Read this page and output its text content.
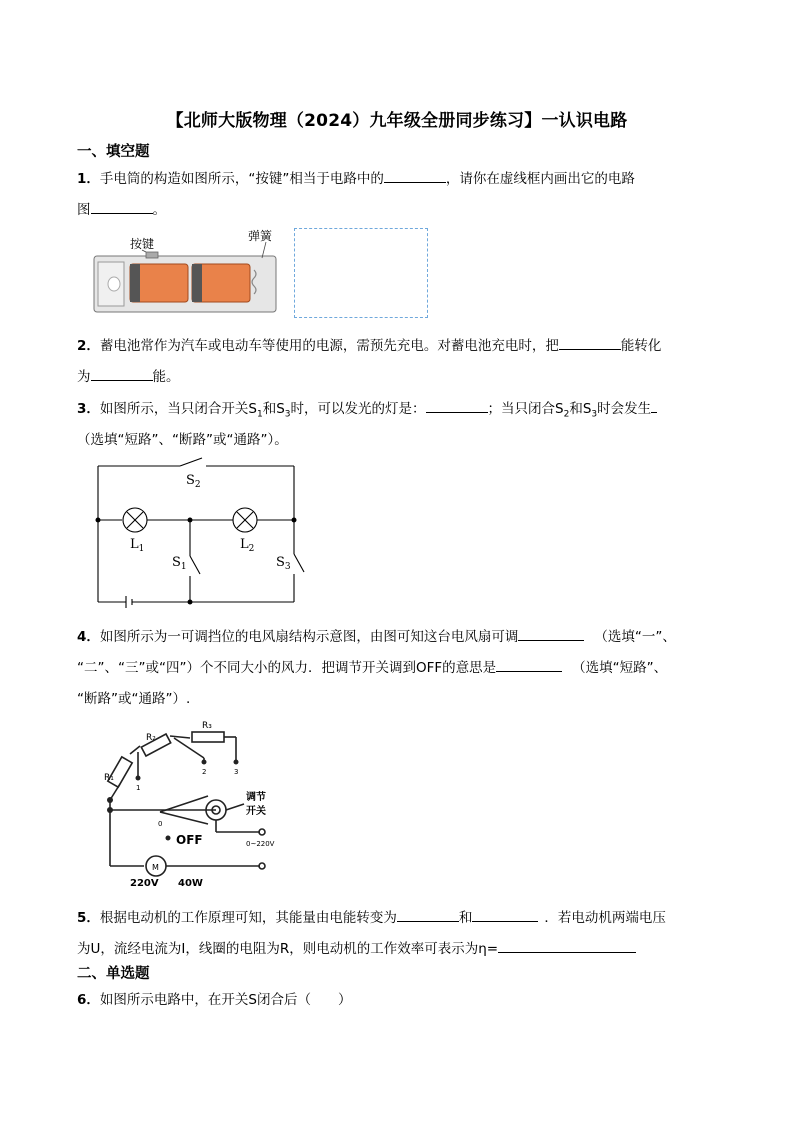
【北师大版物理（2024）九年级全册同步练习】一认识电路
一、填空题
1．手电筒的构造如图所示，“按键”相当于电路中的	，请你在虚线框内画出它的电路
图	。
按键
弹簧
2．蓄电池常作为汽车或电动车等使用的电源，需预先充电。对蓄电池充电时，把	能转化
为	能。
3．如图所示，当只闭合开关$S_1$和$S_3$时，可以发光的灯是：	；当只闭合$S_2$和$S_3$时会发生
（选填“短路”、“断路”或“通路”）。
$S_2$
$L_1$	$L_2$
$S_1$	$S_3$
4．如图所示为一可调挡位的电风扇结构示意图，由图可知这台电风扇可调	（选填“一”、
“二”、“三”或“四”）个不同大小的风力．把调节开关调到OFF的意思是	（选填“短路”、
“断路”或“通路”）.
R₁
R₂
R₃
1
2	3
0
OFF
调节
开关
0~220V
M
220V 40W
5．根据电动机的工作原理可知，其能量由电能转变为	和	．若电动机两端电压
为U，流经电流为I，线圈的电阻为R，则电动机的工作效率可表示为η=
二、单选题
6．如图所示电路中，在开关S闭合后（　　）
